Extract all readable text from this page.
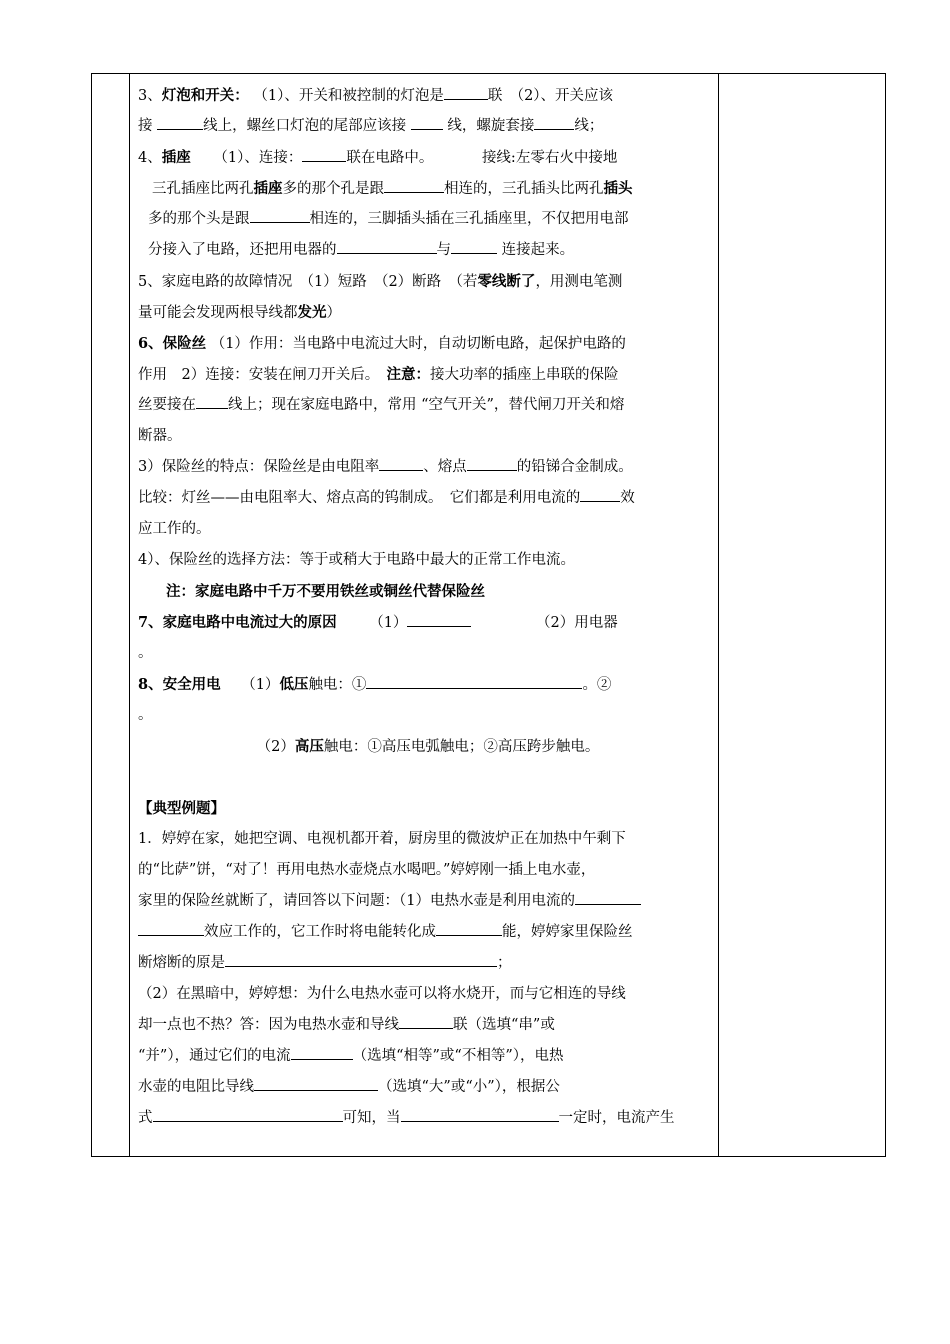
3、灯泡和开关： （1）、开关和被控制的灯泡是	联　（2）、开关应该
接	线上，螺丝口灯泡的尾部应该接	线，螺旋套接	线；
4、插座 （1）、连接：	联在电路中。	接线:左零右火中接地
三孔插座比两孔插座多的那个孔是跟	相连的，三孔插头比两孔插头
多的那个头是跟	相连的，三脚插头插在三孔插座里，不仅把用电部
分接入了电路，还把用电器的	与	连接起来。
5、家庭电路的故障情况　（1）短路　（2）断路　（若零线断了，用测电笔测
量可能会发现两根导线都发光）
6、保险丝 （1）作用：当电路中电流过大时，自动切断电路，起保护电路的
作用　2）连接：安装在闸刀开关后。　 注意：接大功率的插座上串联的保险
丝要接在 线上；现在家庭电路中，常用 “空气开关”，替代闸刀开关和熔
断器。
3）保险丝的特点：保险丝是由电阻率	、熔点	的铅锑合金制成。
比较：灯丝——由电阻率大、熔点高的钨制成。　它们都是利用电流的	效
应工作的。
4）、保险丝的选择方法：等于或稍大于电路中最大的正常工作电流。
注：家庭电路中千万不要用铁丝或铜丝代替保险丝
7、家庭电路中电流过大的原因 （1）	（2）用电器
。
8、安全用电 （1）低压触电：①	。②
。
（2）高压触电：①高压电弧触电；②高压跨步触电。
【典型例题】
1．婷婷在家，她把空调、电视机都开着，厨房里的微波炉正在加热中午剩下
的“比萨”饼，“对了！再用电热水壶烧点水喝吧。”婷婷刚一插上电水壶，
家里的保险丝就断了，请回答以下问题：（1）电热水壶是利用电流的
效应工作的，它工作时将电能转化成	能，婷婷家里保险丝
断熔断的原是	；
（2）在黑暗中，婷婷想：为什么电热水壶可以将水烧开，而与它相连的导线
却一点也不热？答：因为电热水壶和导线	联（选填“串”或
“并”），通过它们的电流	（选填“相等”或“不相等”），电热
水壶的电阻比导线	（选填“大”或“小”），根据公
式	可知，当	一定时，电流产生
